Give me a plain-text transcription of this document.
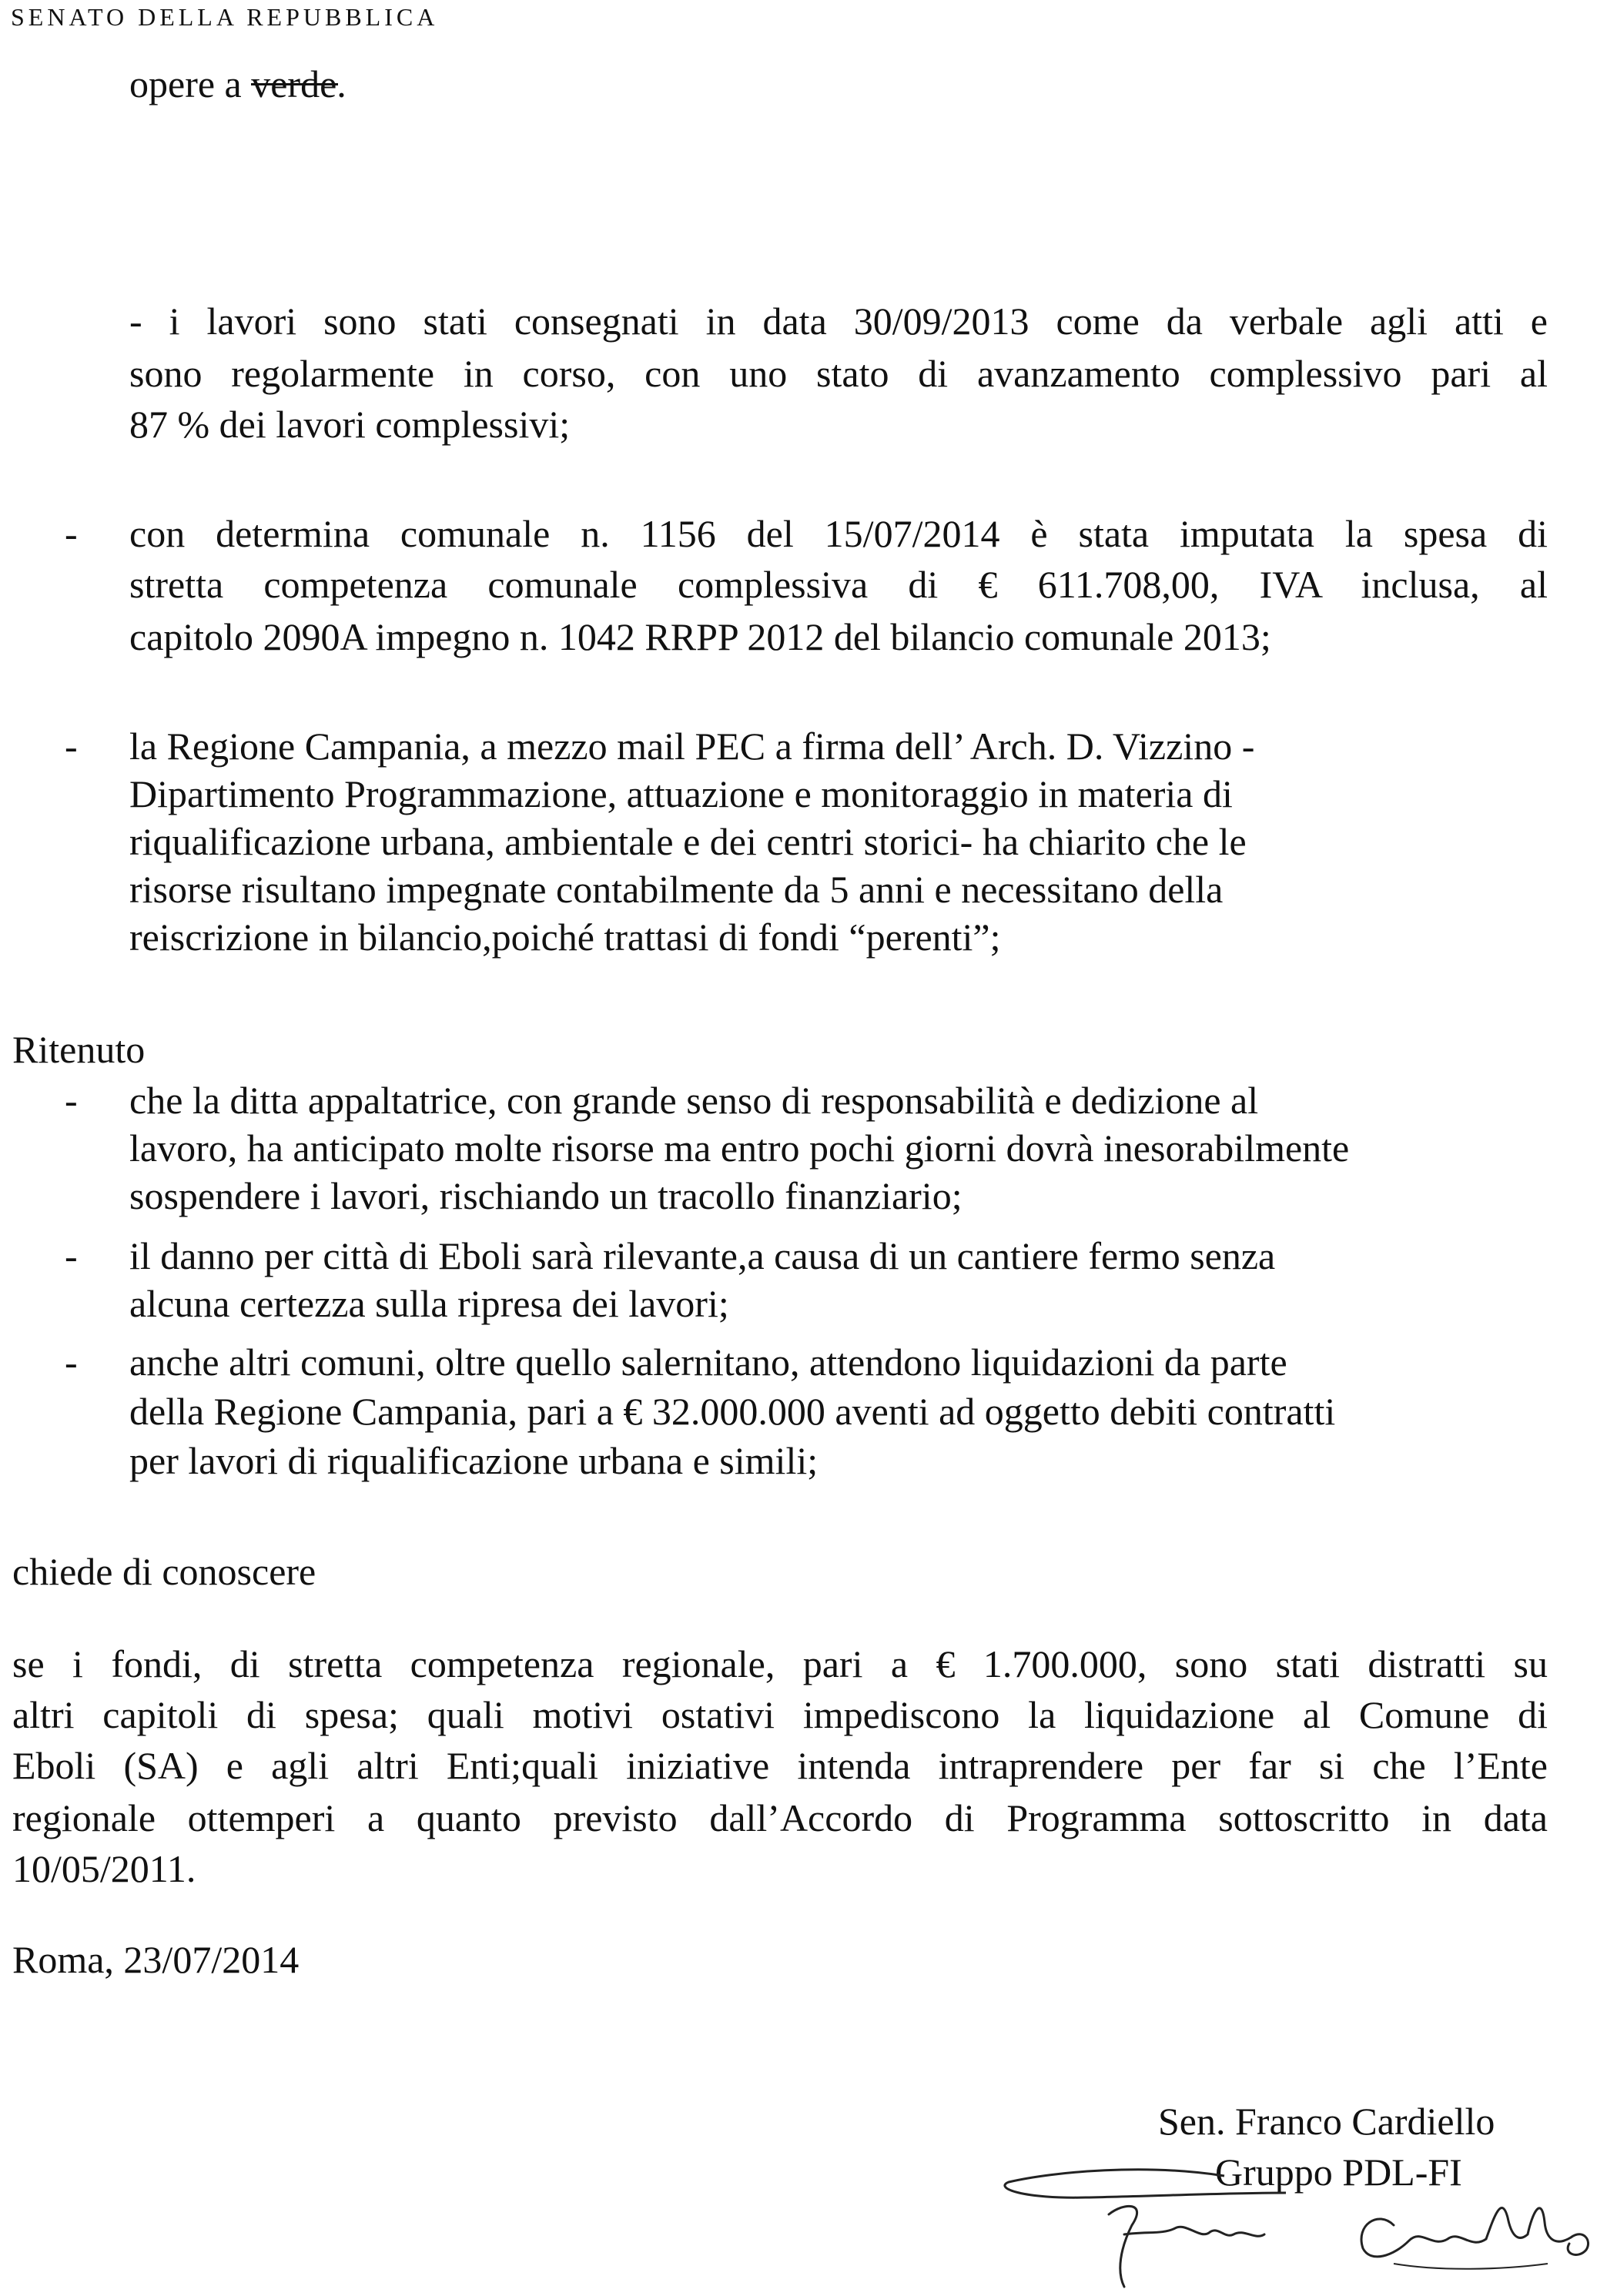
SENATO DELLA REPUBBLICA
opere a verde.
- i lavori sono stati consegnati in data 30/09/2013 come da verbale agli atti e
sono regolarmente in corso, con uno stato di avanzamento complessivo pari al
87 % dei lavori complessivi;
- con determina comunale n. 1156 del 15/07/2014 è stata imputata la spesa di
stretta competenza comunale complessiva di € 611.708,00, IVA inclusa, al
capitolo 2090A impegno n. 1042 RRPP 2012 del bilancio comunale 2013;
- la Regione Campania, a mezzo mail PEC a firma dell’ Arch. D. Vizzino -
Dipartimento Programmazione, attuazione e monitoraggio in materia di
riqualificazione urbana, ambientale e dei centri storici- ha chiarito che le
risorse risultano impegnate contabilmente da 5 anni e necessitano della
reiscrizione in bilancio,poiché trattasi di fondi “perenti”;
Ritenuto
- che la ditta appaltatrice, con grande senso di responsabilità e dedizione al
lavoro, ha anticipato molte risorse ma entro pochi giorni dovrà inesorabilmente
sospendere i lavori, rischiando un tracollo finanziario;
- il danno per città di Eboli sarà rilevante,a causa di un cantiere fermo senza
alcuna certezza sulla ripresa dei lavori;
- anche altri comuni, oltre quello salernitano, attendono liquidazioni da parte
della Regione Campania, pari a € 32.000.000 aventi ad oggetto debiti contratti
per lavori di riqualificazione urbana e simili;
chiede di conoscere
se i fondi, di stretta competenza regionale, pari a € 1.700.000, sono stati distratti su
altri capitoli di spesa; quali motivi ostativi impediscono la liquidazione al Comune di
Eboli (SA) e agli altri Enti;quali iniziative intenda intraprendere per far si che l’Ente
regionale ottemperi a quanto previsto dall’Accordo di Programma sottoscritto in data
10/05/2011.
Roma, 23/07/2014
Sen. Franco Cardiello
Gruppo PDL-FI
